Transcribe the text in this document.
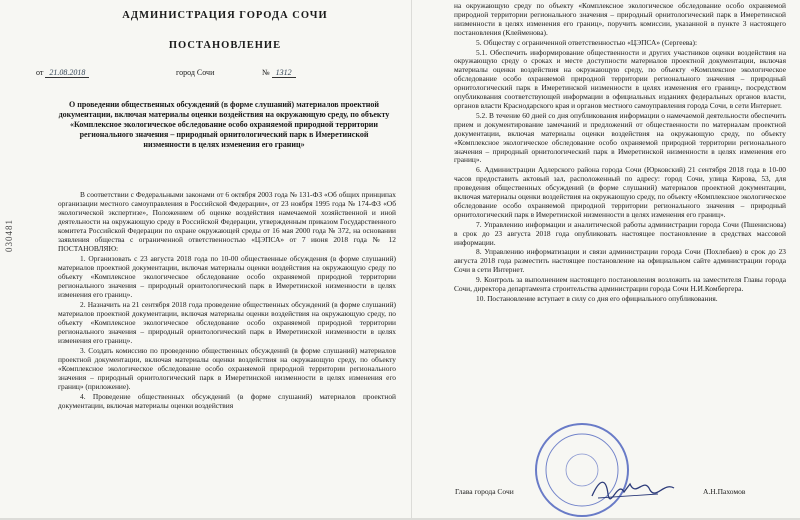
030481
АДМИНИСТРАЦИЯ ГОРОДА СОЧИ
ПОСТАНОВЛЕНИЕ
от 21.08.2018	город Сочи	№ 1312
О проведении общественных обсуждений (в форме слушаний) материалов проектной документации, включая материалы оценки воздействия на окружающую среду, по объекту «Комплексное экологическое обследование особо охраняемой природной территории регионального значения – природный орнитологический парк в Имеретинской низменности в целях изменения его границ»

В соответствии с Федеральными законами от 6 октября 2003 года № 131-ФЗ «Об общих принципах организации местного самоуправления в Российской Федерации», от 23 ноября 1995 года № 174-ФЗ «Об экологической экспертизе», Положением об оценке воздействия намечаемой хозяйственной и иной деятельности на окружающую среду в Российской Федерации, утвержденным приказом Государственного комитета Российской Федерации по охране окружающей среды от 16 мая 2000 года № 372, на основании заявления общества с ограниченной ответственностью «ЦЭПСА» от 7 июня 2018 года № 12 ПОСТАНОВЛЯЮ:

1. Организовать с 23 августа 2018 года по 10-00 общественные обсуждения (в форме слушаний) материалов проектной документации, включая материалы оценки воздействия на окружающую среду по объекту «Комплексное экологическое обследование особо охраняемой природной территории регионального значения – природный орнитологический парк в Имеретинской низменности в целях изменения его границ».

2. Назначить на 21 сентября 2018 года проведение общественных обсуждений (в форме слушаний) материалов проектной документации, включая материалы оценки воздействия на окружающую среду, по объекту «Комплексное экологическое обследование особо охраняемой природной территории регионального значения – природный орнитологический парк в Имеретинской низменности в целях изменения его границ».

3. Создать комиссию по проведению общественных обсуждений (в форме слушаний) материалов проектной документации, включая материалы оценки воздействия на окружающую среду, по объекту «Комплексное экологическое обследование особо охраняемой природной территории регионального значения – природный орнитологический парк в Имеретинской низменности в целях изменения его границ» (приложение).

4. Проведение общественных обсуждений (в форме слушаний) материалов проектной документации, включая материалы оценки воздействия

на окружающую среду по объекту «Комплексное экологическое обследование особо охраняемой природной территории регионального значения – природный орнитологический парк в Имеретинской низменности в целях изменения его границ», поручить комиссии, указанной в пункте 3 настоящего постановления (Клейменова).

5. Обществу с ограниченной ответственностью «ЦЭПСА» (Сергеева):

5.1. Обеспечить информирование общественности и других участников оценки воздействия на окружающую среду о сроках и месте доступности материалов проектной документации, включая материалы оценки воздействия на окружающую среду, по объекту «Комплексное экологическое обследование особо охраняемой природной территории регионального значения – природный орнитологический парк в Имеретинской низменности в целях изменения его границ», посредством опубликования соответствующей информации в официальных изданиях федеральных органов власти, органов власти Краснодарского края и органов местного самоуправления города Сочи, в сети Интернет.

5.2. В течение 60 дней со дня опубликования информации о намечаемой деятельности обеспечить прием и документирование замечаний и предложений от общественности по материалам проектной документации, включая материалы оценки воздействия на окружающую среду, по объекту «Комплексное экологическое обследование особо охраняемой природной территории регионального значения – природный орнитологический парк в Имеретинской низменности в целях изменения его границ».

6. Администрации Адлерского района города Сочи (Юрковский) 21 сентября 2018 года в 10-00 часов предоставить актовый зал, расположенный по адресу: город Сочи, улица Кирова, 53, для проведения общественных обсуждений (в форме слушаний) материалов проектной документации, включая материалы оценки воздействия на окружающую среду, по объекту «Комплексное экологическое обследование особо охраняемой природной территории регионального значения – природный орнитологический парк в Имеретинской низменности в целях изменения его границ».

7. Управлению информации и аналитической работы администрации города Сочи (Пшениснова) в срок до 23 августа 2018 года опубликовать настоящее постановление в средствах массовой информации.

8. Управлению информатизации и связи администрации города Сочи (Похлебаев) в срок до 23 августа 2018 года разместить настоящее постановление на официальном сайте администрации города Сочи в сети Интернет.

9. Контроль за выполнением настоящего постановления возложить на заместителя Главы города Сочи, директора департамента строительства администрации города Сочи Н.И.Комбергера.

10. Постановление вступает в силу со дня его официального опубликования.

Глава города Сочи	А.Н.Пахомов
